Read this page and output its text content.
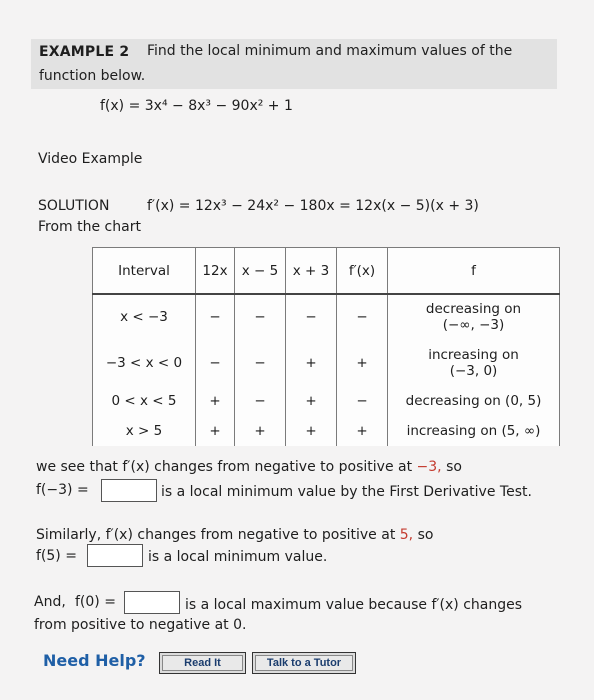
EXAMPLE 2 Find the local minimum and maximum values of the
function below.
f(x) = 3x⁴ − 8x³ − 90x² + 1
Video Example
SOLUTION	f′(x) = 12x³ − 24x² − 180x = 12x(x − 5)(x + 3)
From the chart
Interval	12x	x − 5	x + 3	f′(x)	f
x < −3	−	−	−	−	decreasing on
(−∞, −3)

−3 < x < 0	−	−	+	+	increasing on
(−3, 0)

0 < x < 5	+	−	+	−	decreasing on (0, 5)
x > 5	+	+	+	+	increasing on (5, ∞)
we see that f′(x) changes from negative to positive at −3, so
f(−3) =	is a local minimum value by the First Derivative Test.
Similarly, f′(x) changes from negative to positive at 5, so
f(5) =	is a local minimum value.
And, f(0) =	is a local maximum value because f′(x) changes
from positive to negative at 0.
Need Help?	Read It	Talk to a Tutor
